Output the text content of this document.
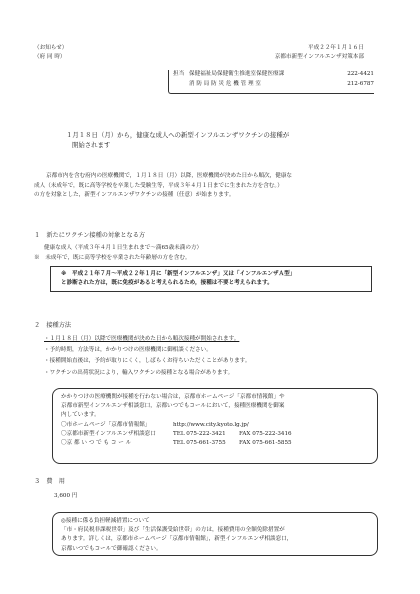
（お知らせ）
（府 同 時）
平成２２年１月１６日
京都市新型インフルエンザ対策本部
担当 保健福祉局保健衛生推進室保健医療課	222-4421
消 防 局 防 災 危 機 管 理 室	212-6787
１月１８日（月）から，健康な成人への新型インフルエンザワクチンの接種が
開始されます
京都市内を含む府内の医療機関で，１月１８日（月）以降，医療機関が決めた日から順次，健康な
成人（未成年で，既に高等学校を卒業した受験生等，平成３年４月１日までに生まれた方を含む。）
の方を対象とした，新型インフルエンザワクチンの接種（任意）が始まります。
１　新たにワクチン接種の対象となる方
健康な成人（平成３年４月１日生まれまで～満65歳未満の方）
※　未成年で，既に高等学校を卒業された年齢層の方を含む。
※　平成２１年７月～平成２２年１月に「新型インフルエンザ」又は「インフルエンザＡ型」
と診断された方は，既に免疫があると考えられるため，接種は不要と考えられます。
２　接種方法
・１月１８日（月）以降で医療機関が決めた日から順次接種が開始されます。
・予約時期，方法等は，かかりつけの医療機関に御相談ください。
・接種開始直後は，予約が取りにくく，しばらくお待ちいただくことがあります。
・ワクチンの出荷状況により，輸入ワクチンの接種となる場合があります。
かかりつけの医療機関が接種を行わない場合は，京都市ホームページ「京都市情報館」や
京都市新型インフルエンザ相談窓口，京都いつでもコールにおいて，接種医療機関を御案
内しています。
〇市ホームページ「京都市情報館」	http://www.city.kyoto.lg.jp/
〇京都市新型インフルエンザ相談窓口	TEL 075-222-3421	FAX 075-222-3416
〇京 都 い つ で も コ ー ル	TEL 075-661-3755	FAX 075-661-5855
３　費　用
3,600 円
◎接種に係る負担軽減措置について
「市・府民税非課税世帯」及び「生活保護受給世帯」の方は，接種費用の全額免除措置が
あります。詳しくは，京都市ホームページ「京都市情報館」，新型インフルエンザ相談窓口，
京都いつでもコールで御確認ください。
